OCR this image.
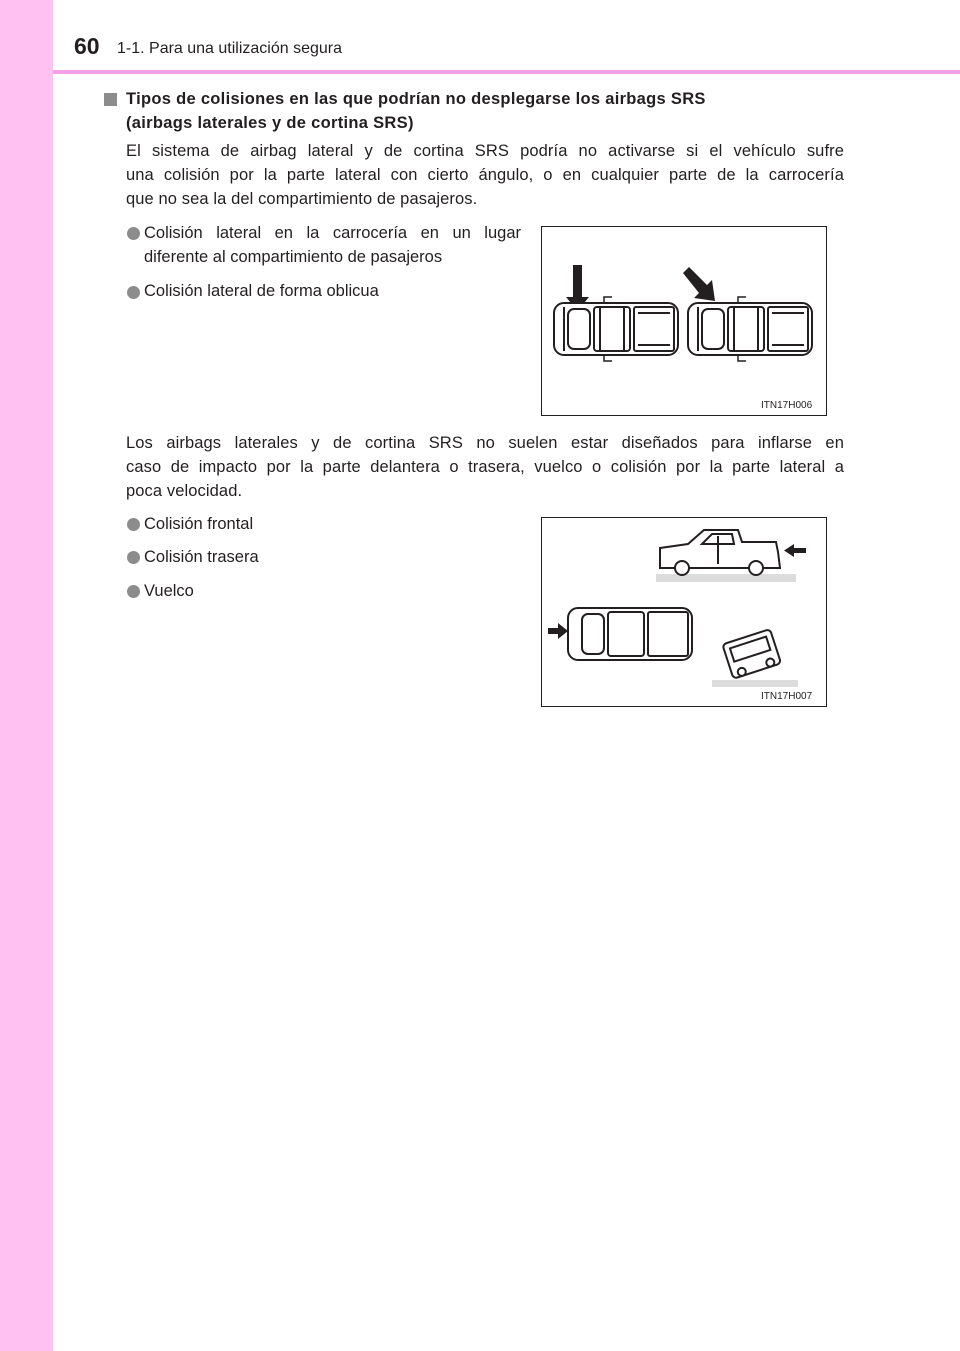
60 1-1. Para una utilización segura
Tipos de colisiones en las que podrían no desplegarse los airbags SRS
(airbags laterales y de cortina SRS)
El sistema de airbag lateral y de cortina SRS podría no activarse si el vehículo sufre
una colisión por la parte lateral con cierto ángulo, o en cualquier parte de la carrocería
que no sea la del compartimiento de pasajeros.
Colisión lateral en la carrocería en un lugar
diferente al compartimiento de pasajeros
Colisión lateral de forma oblicua
ITN17H006
Los airbags laterales y de cortina SRS no suelen estar diseñados para inflarse en
caso de impacto por la parte delantera o trasera, vuelco o colisión por la parte lateral a
poca velocidad.
Colisión frontal
Colisión trasera
Vuelco
ITN17H007
